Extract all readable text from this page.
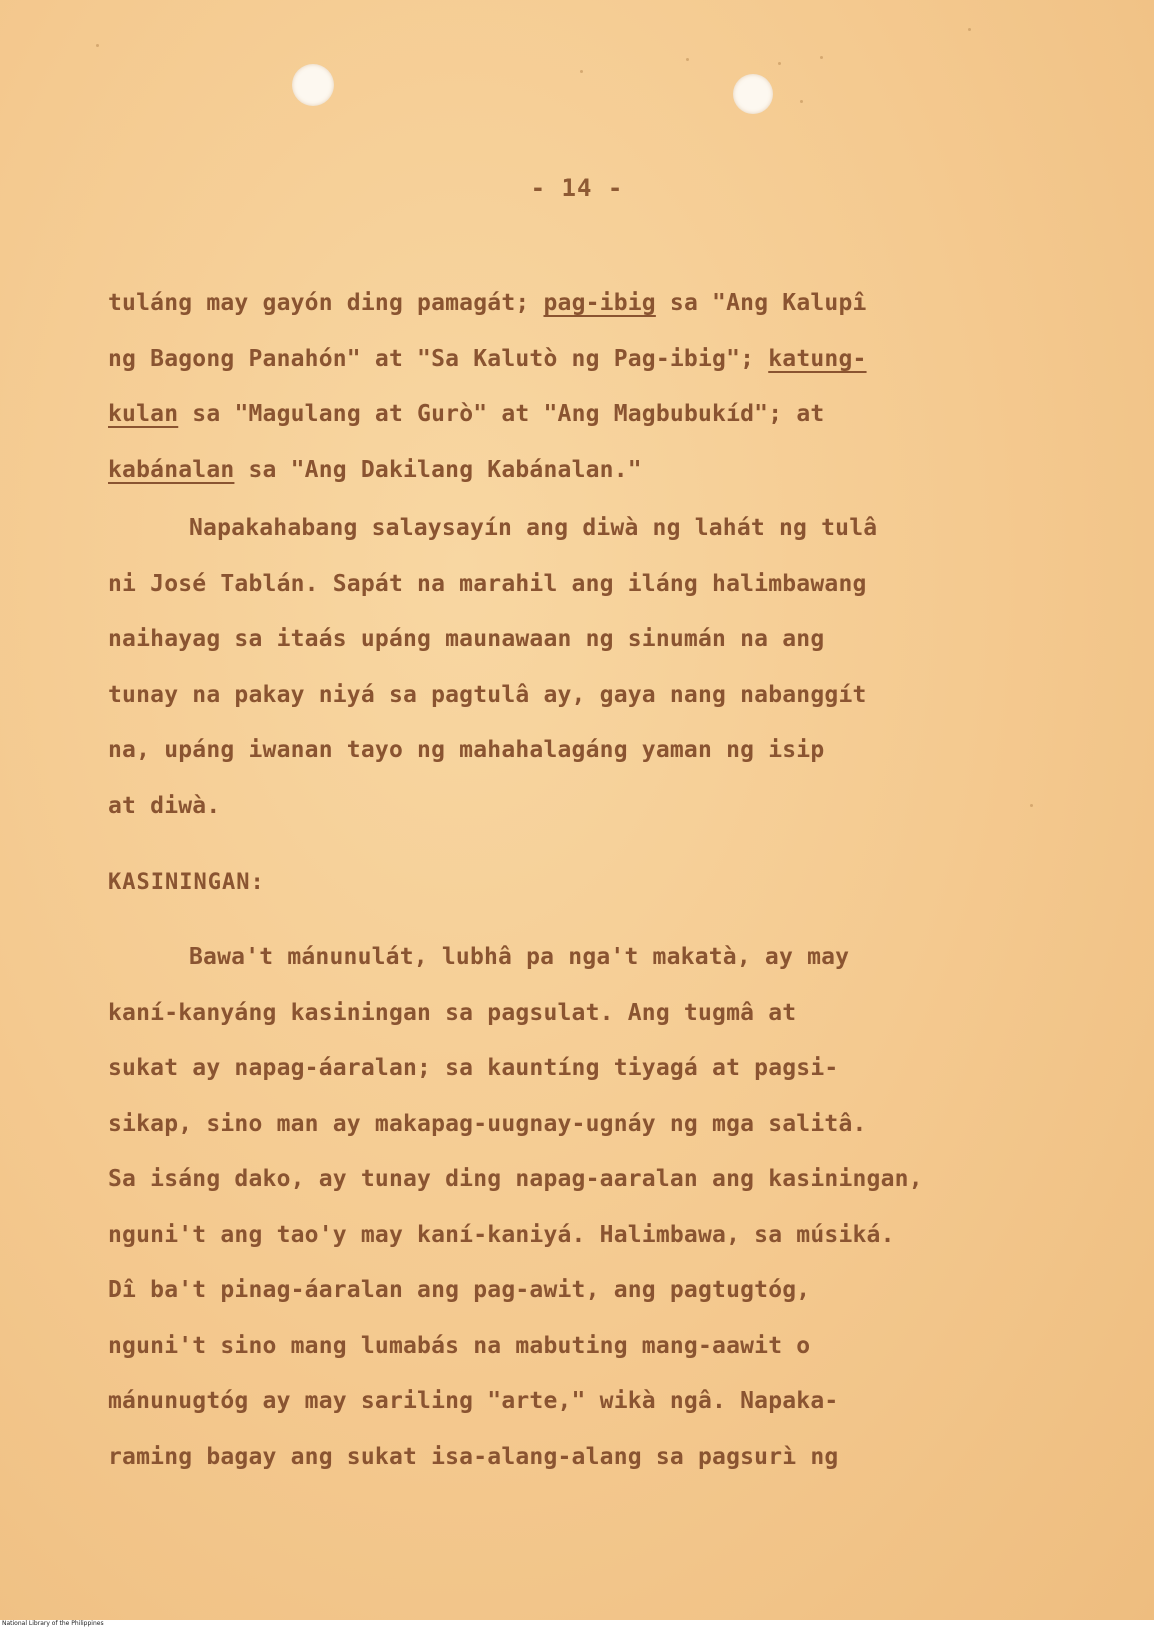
- 14 -
tuláng may gayón ding pamagát; pag-ibig sa "Ang Kalupî
ng Bagong Panahón" at "Sa Kalutò ng Pag-ibig"; katung-
kulan sa "Magulang at Gurò" at "Ang Magbubukíd"; at
kabánalan sa "Ang Dakilang Kabánalan."
Napakahabang salaysayín ang diwà ng lahát ng tulâ
ni José Tablán. Sapát na marahil ang iláng halimbawang
naihayag sa itaás upáng maunawaan ng sinumán na ang
tunay na pakay niyá sa pagtulâ ay, gaya nang nabanggít
na, upáng iwanan tayo ng mahahalagáng yaman ng isip
at diwà.
KASININGAN:
Bawa't mánunulát, lubhâ pa nga't makatà, ay may
kaní-kanyáng kasiningan sa pagsulat. Ang tugmâ at
sukat ay napag-áaralan; sa kauntíng tiyagá at pagsi-
sikap, sino man ay makapag-uugnay-ugnáy ng mga salitâ.
Sa isáng dako, ay tunay ding napag-aaralan ang kasiningan,
nguni't ang tao'y may kaní-kaniyá. Halimbawa, sa músiká.
Dî ba't pinag-áaralan ang pag-awit, ang pagtugtóg,
nguni't sino mang lumabás na mabuting mang-aawit o
mánunugtóg ay may sariling "arte," wikà ngâ. Napaka-
raming bagay ang sukat isa-alang-alang sa pagsurì ng
National Library of the Philippines
